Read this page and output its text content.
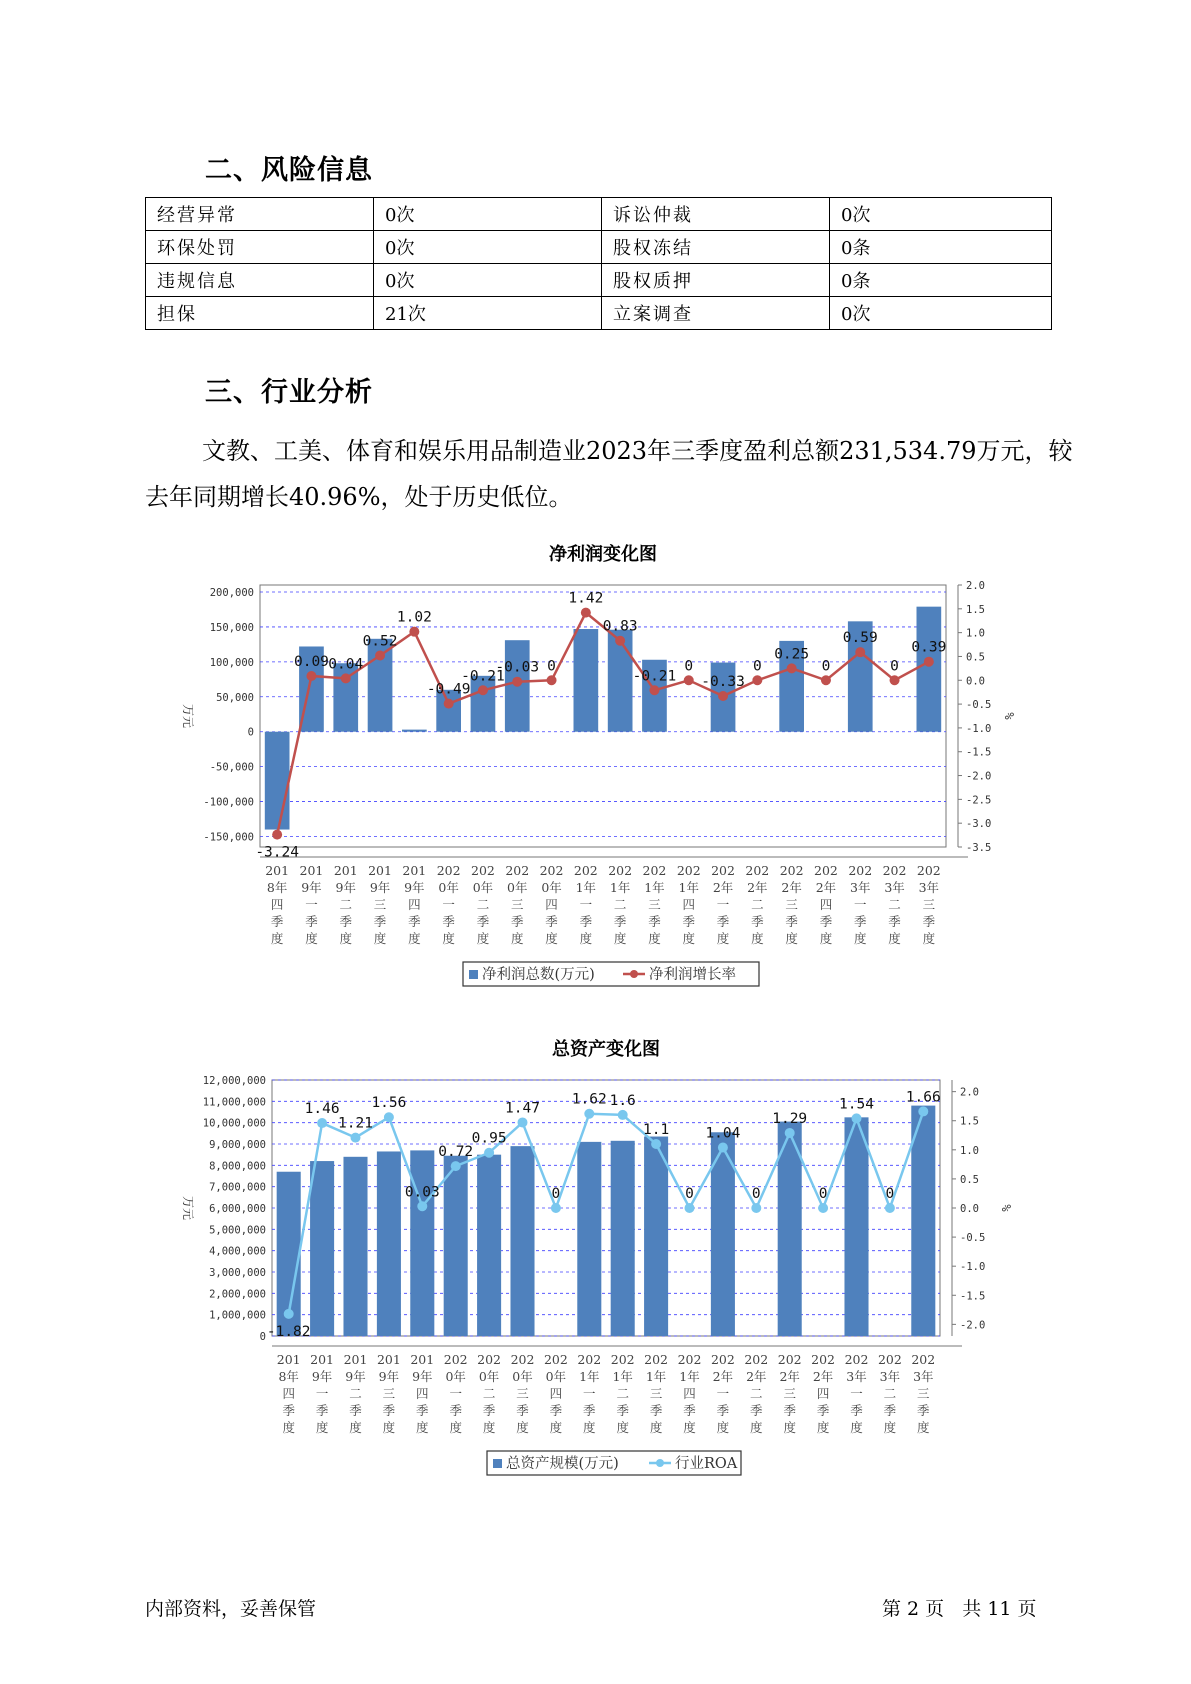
二、风险信息
经营异常	0次	诉讼仲裁	0次
环保处罚	0次	股权冻结	0条
违规信息	0次	股权质押	0条
担保	21次	立案调查	0次
三、行业分析
文教、工美、体育和娱乐用品制造业2023年三季度盈利总额231,534.79万元，较去年同期增长40.96%，处于历史低位。
净利润变化图
200,000
150,000
100,000
50,000
0
-50,000
-100,000
-150,000
2.0
1.5
1.0
0.5
0.0
-0.5
-1.0
-1.5
-2.0
-2.5
-3.0
-3.5
万元	%
-3.24
0.09 0.04
0.52
1.02
-0.49
-0.21
-0.03 0
1.42
0.83
-0.21
0
-0.33
0
0.25
0
0.59
0
0.39
201
8年
四
季
度
201
9年
一
季
度
201
9年
二
季
度
201
9年
三
季
度
201
9年
四
季
度
202
0年
一
季
度
202
0年
二
季
度
202
0年
三
季
度
202
0年
四
季
度
202
1年
一
季
度
202
1年
二
季
度
202
1年
三
季
度
202
1年
四
季
度
202
2年
一
季
度
202
2年
二
季
度
202
2年
三
季
度
202
2年
四
季
度
202
3年
一
季
度
202
3年
二
季
度
202
3年
三
季
度
净利润总数(万元)	净利润增长率
总资产变化图
12,000,000
11,000,000
10,000,000
9,000,000
8,000,000
7,000,000
6,000,000
5,000,000
4,000,000
3,000,000
2,000,000
1,000,000
0
2.0
1.5
1.0
0.5
0.0
-0.5
-1.0
-1.5
-2.0
万元	%
-1.82
1.46
1.21
1.56
0.03
0.72
0.95
1.47
0
1.62 1.6
1.1
0
1.04
0
1.29
0
1.54
0
1.66
201
8年
四
季
度
201
9年
一
季
度
201
9年
二
季
度
201
9年
三
季
度
201
9年
四
季
度
202
0年
一
季
度
202
0年
二
季
度
202
0年
三
季
度
202
0年
四
季
度
202
1年
一
季
度
202
1年
二
季
度
202
1年
三
季
度
202
1年
四
季
度
202
2年
一
季
度
202
2年
二
季
度
202
2年
三
季
度
202
2年
四
季
度
202
3年
一
季
度
202
3年
二
季
度
202
3年
三
季
度
总资产规模(万元)	行业ROA
内部资料，妥善保管	第 2 页   共 11 页
